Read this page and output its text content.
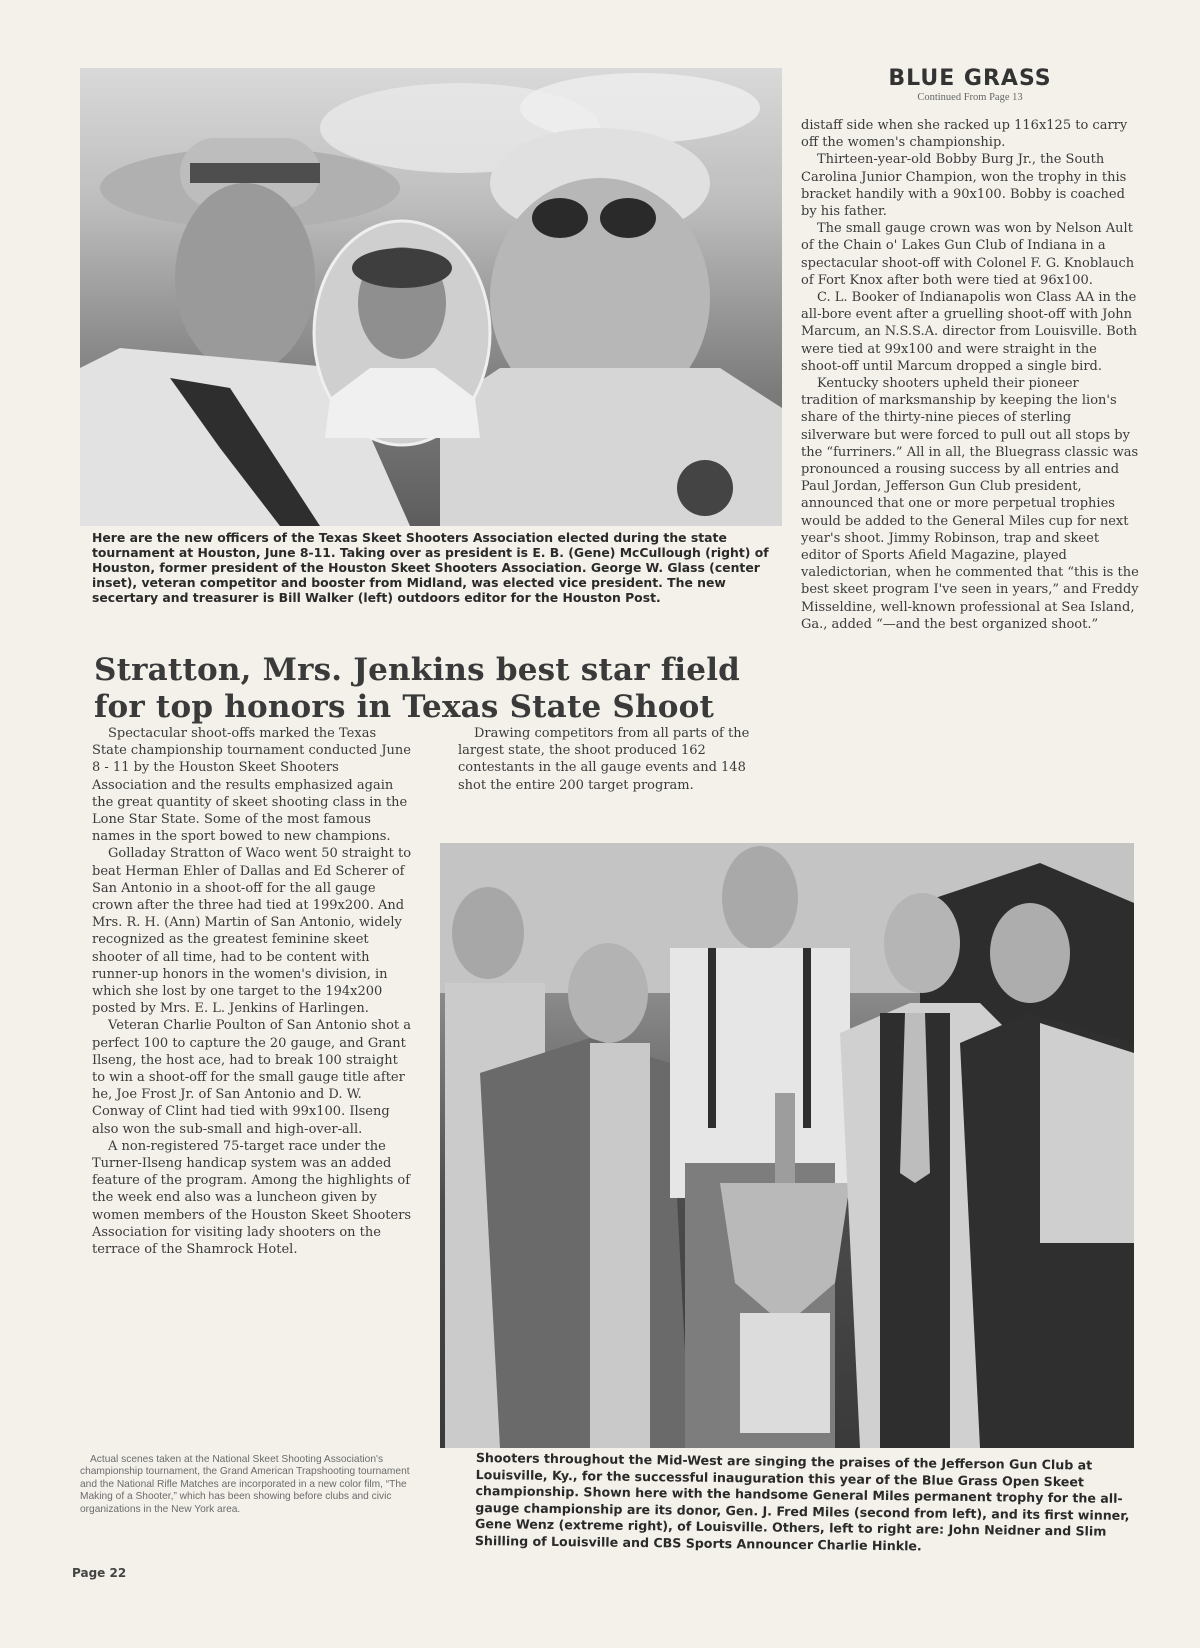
Here are the new officers of the Texas Skeet Shooters Association elected during the state tournament at Houston, June 8-11. Taking over as president is E. B. (Gene) McCullough (right) of Houston, former president of the Houston Skeet Shooters Association. George W. Glass (center inset), veteran competitor and booster from Midland, was elected vice president. The new secertary and treasurer is Bill Walker (left) outdoors editor for the Houston Post.
Stratton, Mrs. Jenkins best star field for top honors in Texas State Shoot

Spectacular shoot-offs marked the Texas State championship tournament conducted June 8 - 11 by the Houston Skeet Shooters Association and the results emphasized again the great quantity of skeet shooting class in the Lone Star State. Some of the most famous names in the sport bowed to new champions.

Golladay Stratton of Waco went 50 straight to beat Herman Ehler of Dallas and Ed Scherer of San Antonio in a shoot-off for the all gauge crown after the three had tied at 199x200. And Mrs. R. H. (Ann) Martin of San Antonio, widely recognized as the greatest feminine skeet shooter of all time, had to be content with runner-up honors in the women's division, in which she lost by one target to the 194x200 posted by Mrs. E. L. Jenkins of Harlingen.

Veteran Charlie Poulton of San Antonio shot a perfect 100 to capture the 20 gauge, and Grant Ilseng, the host ace, had to break 100 straight to win a shoot-off for the small gauge title after he, Joe Frost Jr. of San Antonio and D. W. Conway of Clint had tied with 99x100. Ilseng also won the sub-small and high-over-all.

A non-registered 75-target race under the Turner-Ilseng handicap system was an added feature of the program. Among the highlights of the week end also was a luncheon given by women members of the Houston Skeet Shooters Association for visiting lady shooters on the terrace of the Shamrock Hotel.

Drawing competitors from all parts of the largest state, the shoot produced 162 contestants in the all gauge events and 148 shot the entire 200 target program.

BLUE GRASS
Continued From Page 13

distaff side when she racked up 116x125 to carry off the women's championship.

Thirteen-year-old Bobby Burg Jr., the South Carolina Junior Champion, won the trophy in this bracket handily with a 90x100. Bobby is coached by his father.

The small gauge crown was won by Nelson Ault of the Chain o' Lakes Gun Club of Indiana in a spectacular shoot-off with Colonel F. G. Knoblauch of Fort Knox after both were tied at 96x100.

C. L. Booker of Indianapolis won Class AA in the all-bore event after a gruelling shoot-off with John Marcum, an N.S.S.A. director from Louisville. Both were tied at 99x100 and were straight in the shoot-off until Marcum dropped a single bird.

Kentucky shooters upheld their pioneer tradition of marksmanship by keeping the lion's share of the thirty-nine pieces of sterling silverware but were forced to pull out all stops by the “furriners.” All in all, the Bluegrass classic was pronounced a rousing success by all entries and Paul Jordan, Jefferson Gun Club president, announced that one or more perpetual trophies would be added to the General Miles cup for next year's shoot. Jimmy Robinson, trap and skeet editor of Sports Afield Magazine, played valedictorian, when he commented that “this is the best skeet program I've seen in years,” and Freddy Misseldine, well-known professional at Sea Island, Ga., added “—and the best organized shoot.”

Shooters throughout the Mid-West are singing the praises of the Jefferson Gun Club at Louisville, Ky., for the successful inauguration this year of the Blue Grass Open Skeet championship. Shown here with the handsome General Miles permanent trophy for the all-gauge championship are its donor, Gen. J. Fred Miles (second from left), and its first winner, Gene Wenz (extreme right), of Louisville. Others, left to right are: John Neidner and Slim Shilling of Louisville and CBS Sports Announcer Charlie Hinkle.

Actual scenes taken at the National Skeet Shooting Association's championship tournament, the Grand American Trapshooting tournament and the National Rifle Matches are incorporated in a new color film, “The Making of a Shooter,” which has been showing before clubs and civic organizations in the New York area.

Page 22
